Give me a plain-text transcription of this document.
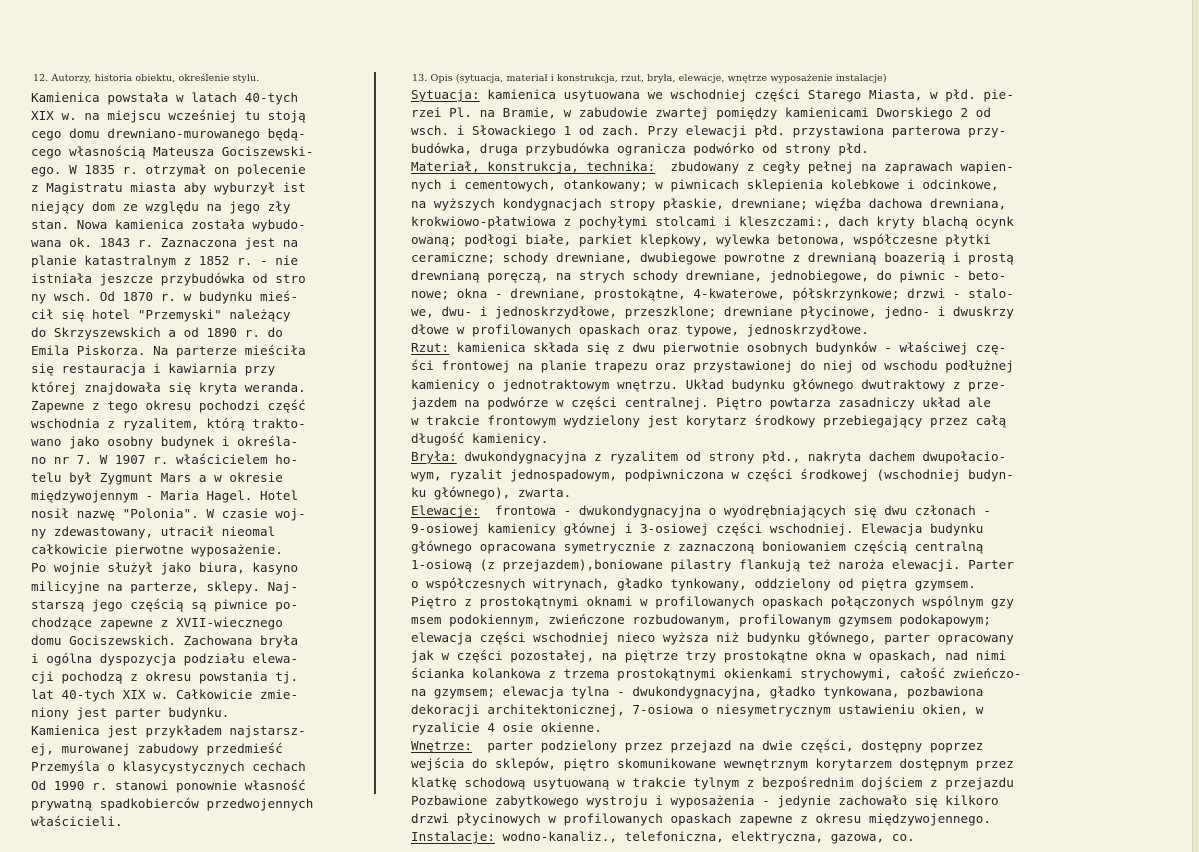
12. Autorzy, historia obiektu, określenie stylu.	13. Opis (sytuacja, materiał i konstrukcja, rzut, bryła, elewacje, wnętrze wyposażenie instalacje)
Kamienica powstała w latach 40-tych
XIX w. na miejscu wcześniej tu stoją
cego domu drewniano-murowanego będą-
cego własnością Mateusza Gociszewski-
ego. W 1835 r. otrzymał on polecenie
z Magistratu miasta aby wyburzył ist
niejący dom ze względu na jego zły
stan. Nowa kamienica została wybudo-
wana ok. 1843 r. Zaznaczona jest na
planie katastralnym z 1852 r. - nie
istniała jeszcze przybudówka od stro
ny wsch. Od 1870 r. w budynku mieś-
cił się hotel "Przemyski" należący
do Skrzyszewskich a od 1890 r. do
Emila Piskorza. Na parterze mieściła
się restauracja i kawiarnia przy
której znajdowała się kryta weranda.
Zapewne z tego okresu pochodzi część
wschodnia z ryzalitem, którą trakto-
wano jako osobny budynek i określa-
no nr 7. W 1907 r. właścicielem ho-
telu był Zygmunt Mars a w okresie
międzywojennym - Maria Hagel. Hotel
nosił nazwę "Polonia". W czasie woj-
ny zdewastowany, utracił nieomal
całkowicie pierwotne wyposażenie.
Po wojnie służył jako biura, kasyno
milicyjne na parterze, sklepy. Naj-
starszą jego częścią są piwnice po-
chodzące zapewne z XVII-wiecznego
domu Gociszewskich. Zachowana bryła
i ogólna dyspozycja podziału elewa-
cji pochodzą z okresu powstania tj.
lat 40-tych XIX w. Całkowicie zmie-
niony jest parter budynku.
Kamienica jest przykładem najstarsz-
ej, murowanej zabudowy przedmieść
Przemyśla o klasycystycznych cechach
Od 1990 r. stanowi ponownie własność
prywatną spadkobierców przedwojennych
właścicieli.
Sytuacja: kamienica usytuowana we wschodniej części Starego Miasta, w płd. pie-
rzei Pl. na Bramie, w zabudowie zwartej pomiędzy kamienicami Dworskiego 2 od
wsch. i Słowackiego 1 od zach. Przy elewacji płd. przystawiona parterowa przy-
budówka, druga przybudówka ogranicza podwórko od strony płd.
Materiał, konstrukcja, technika:  zbudowany z cegły pełnej na zaprawach wapien-
nych i cementowych, otankowany; w piwnicach sklepienia kolebkowe i odcinkowe,
na wyższych kondygnacjach stropy płaskie, drewniane; więźba dachowa drewniana,
krokwiowo-płatwiowa z pochyłymi stolcami i kleszczami:, dach kryty blachą ocynk
owaną; podłogi białe, parkiet klepkowy, wylewka betonowa, współczesne płytki
ceramiczne; schody drewniane, dwubiegowe powrotne z drewnianą boazerią i prostą
drewnianą poręczą, na strych schody drewniane, jednobiegowe, do piwnic - beto-
nowe; okna - drewniane, prostokątne, 4-kwaterowe, półskrzynkowe; drzwi - stalo-
we, dwu- i jednoskrzydłowe, przeszklone; drewniane płycinowe, jedno- i dwuskrzy
dłowe w profilowanych opaskach oraz typowe, jednoskrzydłowe.
Rzut: kamienica składa się z dwu pierwotnie osobnych budynków - właściwej czę-
ści frontowej na planie trapezu oraz przystawionej do niej od wschodu podłużnej
kamienicy o jednotraktowym wnętrzu. Układ budynku głównego dwutraktowy z prze-
jazdem na podwórze w części centralnej. Piętro powtarza zasadniczy układ ale
w trakcie frontowym wydzielony jest korytarz środkowy przebiegający przez całą
długość kamienicy.
Bryła: dwukondygnacyjna z ryzalitem od strony płd., nakryta dachem dwupołacio-
wym, ryzalit jednospadowym, podpiwniczona w części środkowej (wschodniej budyn-
ku głównego), zwarta.
Elewacje:  frontowa - dwukondygnacyjna o wyodrębniających się dwu członach -
9-osiowej kamienicy głównej i 3-osiowej części wschodniej. Elewacja budynku
głównego opracowana symetrycznie z zaznaczoną boniowaniem częścią centralną
1-osiową (z przejazdem),boniowane pilastry flankują też naroża elewacji. Parter
o współczesnych witrynach, gładko tynkowany, oddzielony od piętra gzymsem.
Piętro z prostokątnymi oknami w profilowanych opaskach połączonych wspólnym gzy
msem podokiennym, zwieńczone rozbudowanym, profilowanym gzymsem podokapowym;
elewacja części wschodniej nieco wyższa niż budynku głównego, parter opracowany
jak w części pozostałej, na piętrze trzy prostokątne okna w opaskach, nad nimi
ścianka kolankowa z trzema prostokątnymi okienkami strychowymi, całość zwieńczo-
na gzymsem; elewacja tylna - dwukondygnacyjna, gładko tynkowana, pozbawiona
dekoracji architektonicznej, 7-osiowa o niesymetrycznym ustawieniu okien, w
ryzalicie 4 osie okienne.
Wnętrze:  parter podzielony przez przejazd na dwie części, dostępny poprzez
wejścia do sklepów, piętro skomunikowane wewnętrznym korytarzem dostępnym przez
klatkę schodową usytuowaną w trakcie tylnym z bezpośrednim dojściem z przejazdu
Pozbawione zabytkowego wystroju i wyposażenia - jedynie zachowało się kilkoro
drzwi płycinowych w profilowanych opaskach zapewne z okresu międzywojennego.
Instalacje: wodno-kanaliz., telefoniczna, elektryczna, gazowa, co.
